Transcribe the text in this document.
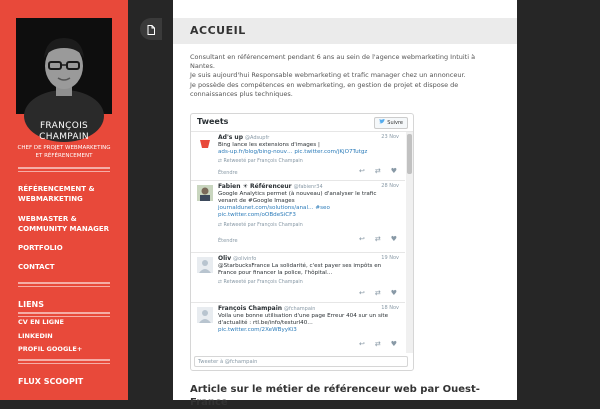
FRANÇOIS
CHAMPAIN
CHEF DE PROJET WEBMARKETING
ET RÉFÉRENCEMENT
RÉFÉRENCEMENT &
WEBMARKETING
WEBMASTER &
COMMUNITY MANAGER
PORTFOLIO
CONTACT
LIENS
CV EN LIGNE
LINKEDIN
PROFIL GOOGLE+
FLUX SCOOPIT
ACCUEIL

Consultant en référencement pendant 6 ans au sein de l'agence webmarketing Intuiti à

Nantes.

Je suis aujourd'hui Responsable webmarketing et trafic manager chez un annonceur.

Je possède des compétences en webmarketing, en gestion de projet et dispose de

connaissances plus techniques.

Tweets	Suivre
Ad's up @Adsupfr	23 Nov
Bing lance les extensions d'images |
ads-up.fr/blog/bing-nouv… pic.twitter.com/jKjO7Tutgz
⇄ Retweeté par François Champain
Étendre	↩ ⇄ ♥
Fabien ☀ Référenceur @fabienr34	28 Nov
Google Analytics permet (à nouveau) d'analyser le trafic
venant de #Google Images
journaldunet.com/solutions/anal… #seo
pic.twitter.com/oOBdeSiCF3
⇄ Retweeté par François Champain
Étendre	↩ ⇄ ♥
Oliv @olivinfo	19 Nov
@StarbucksFrance La solidarité, c'est payer ses impôts en
France pour financer la police, l'hôpital…
⇄ Retweeté par François Champain
↩ ⇄ ♥
François Champain @fchampain	18 Nov
Voila une bonne utilisation d'une page Erreur 404 sur un site
d'actualité : rtl.be/info/testurl40…
pic.twitter.com/2XeWByyKi3
↩ ⇄ ♥
Tweeter à @fchampain
Article sur le métier de référenceur web par Ouest-France
